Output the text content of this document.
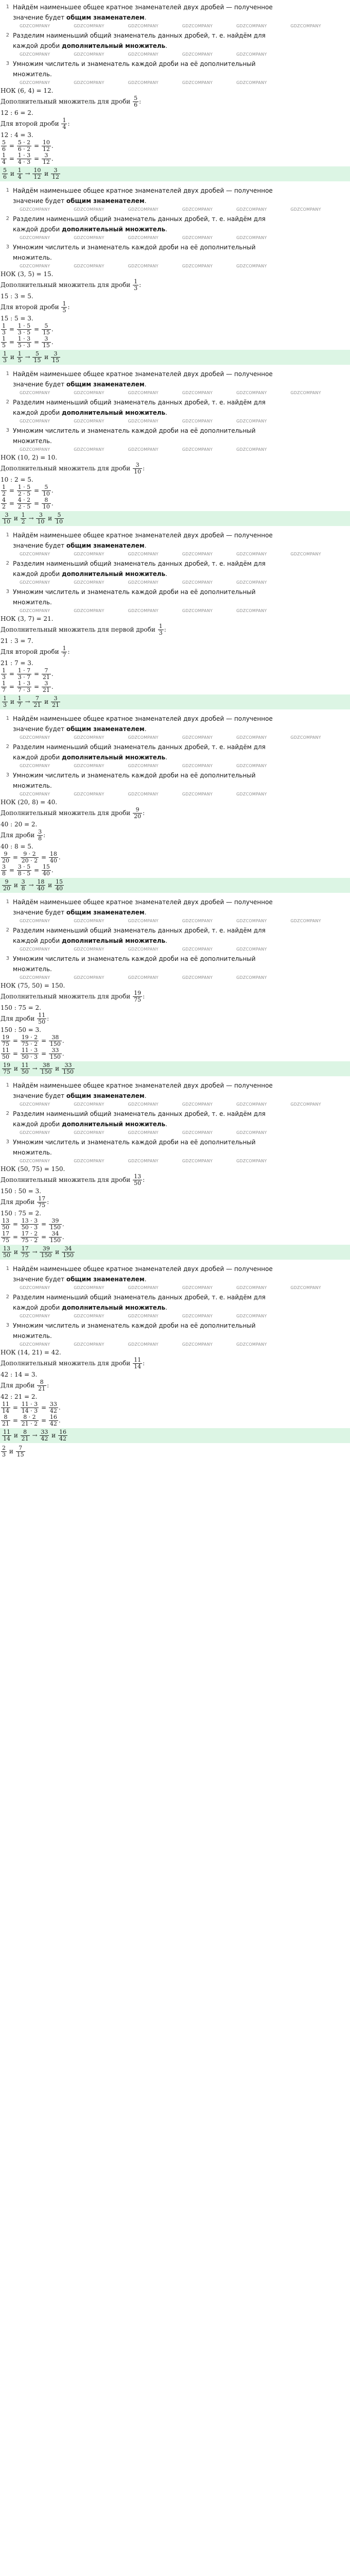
1 Найдём наименьшее общее кратное знаменателей двух дробей — полученное значение будет общим знаменателем.
GDZCOMPANY	GDZCOMPANY	GDZCOMPANY	GDZCOMPANY	GDZCOMPANY	GDZCOMPANY
2 Разделим наименьший общий знаменатель данных дробей, т. е. найдём для каждой дроби дополнительный множитель.
GDZCOMPANY	GDZCOMPANY	GDZCOMPANY	GDZCOMPANY	GDZCOMPANY
3 Умножим числитель и знаменатель каждой дроби на её дополнительный множитель.
GDZCOMPANY	GDZCOMPANY	GDZCOMPANY	GDZCOMPANY	GDZCOMPANY
НОК (6, 4) = 12.
Дополнительный множитель для дроби $\frac{5}{6}$ :
12 : 6 = 2.
Для второй дроби $\frac{1}{4}$ :
12 : 4 = 3.
$\frac{5}{6} = \frac{5 \cdot 2}{6 \cdot 2} = \frac{10}{12}$ .
$\frac{1}{4} = \frac{1 \cdot 3}{4 \cdot 3} = \frac{3}{12}$ .
$\frac{5}{6}$ и $\frac{1}{4} \to \frac{10}{12}$ и $\frac{3}{12}$
1 Найдём наименьшее общее кратное знаменателей двух дробей — полученное значение будет общим знаменателем.
GDZCOMPANY	GDZCOMPANY	GDZCOMPANY	GDZCOMPANY	GDZCOMPANY	GDZCOMPANY
2 Разделим наименьший общий знаменатель данных дробей, т. е. найдём для каждой дроби дополнительный множитель.
GDZCOMPANY	GDZCOMPANY	GDZCOMPANY	GDZCOMPANY	GDZCOMPANY
3 Умножим числитель и знаменатель каждой дроби на её дополнительный множитель.
GDZCOMPANY	GDZCOMPANY	GDZCOMPANY	GDZCOMPANY	GDZCOMPANY
НОК (3, 5) = 15.
Дополнительный множитель для дроби $\frac{1}{3}$ :
15 : 3 = 5.
Для второй дроби $\frac{1}{5}$ :
15 : 5 = 3.
$\frac{1}{3} = \frac{1 \cdot 5}{3 \cdot 5} = \frac{5}{15}$ .
$\frac{1}{5} = \frac{1 \cdot 3}{5 \cdot 3} = \frac{3}{15}$ .
$\frac{1}{3}$ и $\frac{1}{5} \to \frac{5}{15}$ и $\frac{3}{15}$
1 Найдём наименьшее общее кратное знаменателей двух дробей — полученное значение будет общим знаменателем.
GDZCOMPANY	GDZCOMPANY	GDZCOMPANY	GDZCOMPANY	GDZCOMPANY	GDZCOMPANY
2 Разделим наименьший общий знаменатель данных дробей, т. е. найдём для каждой дроби дополнительный множитель.
GDZCOMPANY	GDZCOMPANY	GDZCOMPANY	GDZCOMPANY	GDZCOMPANY
3 Умножим числитель и знаменатель каждой дроби на её дополнительный множитель.
GDZCOMPANY	GDZCOMPANY	GDZCOMPANY	GDZCOMPANY	GDZCOMPANY
НОК (10, 2) = 10.
Дополнительный множитель для дроби $\frac{3}{10}$ :
10 : 2 = 5.
$\frac{1}{2} = \frac{1 \cdot 5}{2 \cdot 5} = \frac{5}{10}$ .
$\frac{4}{2} = \frac{4 \cdot 2}{2 \cdot 5} = \frac{8}{10}$ .
$\frac{3}{10}$ и $\frac{1}{2} \to \frac{3}{10}$ и $\frac{5}{10}$
1 Найдём наименьшее общее кратное знаменателей двух дробей — полученное значение будет общим знаменателем.
GDZCOMPANY	GDZCOMPANY	GDZCOMPANY	GDZCOMPANY	GDZCOMPANY	GDZCOMPANY
2 Разделим наименьший общий знаменатель данных дробей, т. е. найдём для каждой дроби дополнительный множитель.
GDZCOMPANY	GDZCOMPANY	GDZCOMPANY	GDZCOMPANY	GDZCOMPANY
3 Умножим числитель и знаменатель каждой дроби на её дополнительный множитель.
GDZCOMPANY	GDZCOMPANY	GDZCOMPANY	GDZCOMPANY	GDZCOMPANY
НОК (3, 7) = 21.
Дополнительный множитель для первой дроби $\frac{1}{3}$ :
21 : 3 = 7.
Для второй дроби $\frac{1}{7}$ :
21 : 7 = 3.
$\frac{1}{3} = \frac{1 \cdot 7}{3 \cdot 7} = \frac{7}{21}$ .
$\frac{1}{7} = \frac{1 \cdot 3}{7 \cdot 3} = \frac{3}{21}$ .
$\frac{1}{3}$ и $\frac{1}{7} \to \frac{7}{21}$ и $\frac{3}{21}$
1 Найдём наименьшее общее кратное знаменателей двух дробей — полученное значение будет общим знаменателем.
GDZCOMPANY	GDZCOMPANY	GDZCOMPANY	GDZCOMPANY	GDZCOMPANY	GDZCOMPANY
2 Разделим наименьший общий знаменатель данных дробей, т. е. найдём для каждой дроби дополнительный множитель.
GDZCOMPANY	GDZCOMPANY	GDZCOMPANY	GDZCOMPANY	GDZCOMPANY
3 Умножим числитель и знаменатель каждой дроби на её дополнительный множитель.
GDZCOMPANY	GDZCOMPANY	GDZCOMPANY	GDZCOMPANY	GDZCOMPANY
НОК (20, 8) = 40.
Дополнительный множитель для дроби $\frac{9}{20}$ :
40 : 20 = 2.
Для дроби $\frac{3}{8}$ :
40 : 8 = 5.
$\frac{9}{20} = \frac{9 \cdot 2}{20 \cdot 2} = \frac{18}{40}$ .
$\frac{3}{8} = \frac{3 \cdot 5}{8 \cdot 5} = \frac{15}{40}$ .
$\frac{9}{20}$ и $\frac{3}{8} \to \frac{18}{40}$ и $\frac{15}{40}$
1 Найдём наименьшее общее кратное знаменателей двух дробей — полученное значение будет общим знаменателем.
GDZCOMPANY	GDZCOMPANY	GDZCOMPANY	GDZCOMPANY	GDZCOMPANY	GDZCOMPANY
2 Разделим наименьший общий знаменатель данных дробей, т. е. найдём для каждой дроби дополнительный множитель.
GDZCOMPANY	GDZCOMPANY	GDZCOMPANY	GDZCOMPANY	GDZCOMPANY
3 Умножим числитель и знаменатель каждой дроби на её дополнительный множитель.
GDZCOMPANY	GDZCOMPANY	GDZCOMPANY	GDZCOMPANY	GDZCOMPANY
НОК (75, 50) = 150.
Дополнительный множитель для дроби $\frac{19}{75}$ :
150 : 75 = 2.
Для дроби $\frac{11}{50}$ :
150 : 50 = 3.
$\frac{19}{75} = \frac{19 \cdot 2}{75 \cdot 2} = \frac{38}{150}$ .
$\frac{11}{50} = \frac{11 \cdot 3}{50 \cdot 3} = \frac{33}{150}$ .
$\frac{19}{75}$ и $\frac{11}{50} \to \frac{38}{150}$ и $\frac{33}{150}$
1 Найдём наименьшее общее кратное знаменателей двух дробей — полученное значение будет общим знаменателем.
GDZCOMPANY	GDZCOMPANY	GDZCOMPANY	GDZCOMPANY	GDZCOMPANY	GDZCOMPANY
2 Разделим наименьший общий знаменатель данных дробей, т. е. найдём для каждой дроби дополнительный множитель.
GDZCOMPANY	GDZCOMPANY	GDZCOMPANY	GDZCOMPANY	GDZCOMPANY
3 Умножим числитель и знаменатель каждой дроби на её дополнительный множитель.
GDZCOMPANY	GDZCOMPANY	GDZCOMPANY	GDZCOMPANY	GDZCOMPANY
НОК (50, 75) = 150.
Дополнительный множитель для дроби $\frac{13}{50}$ :
150 : 50 = 3.
Для дроби $\frac{17}{75}$ :
150 : 75 = 2.
$\frac{13}{50} = \frac{13 \cdot 3}{50 \cdot 3} = \frac{39}{150}$ .
$\frac{17}{75} = \frac{17 \cdot 2}{75 \cdot 2} = \frac{34}{150}$ .
$\frac{13}{50}$ и $\frac{17}{75} \to \frac{39}{150}$ и $\frac{34}{150}$
1 Найдём наименьшее общее кратное знаменателей двух дробей — полученное значение будет общим знаменателем.
GDZCOMPANY	GDZCOMPANY	GDZCOMPANY	GDZCOMPANY	GDZCOMPANY	GDZCOMPANY
2 Разделим наименьший общий знаменатель данных дробей, т. е. найдём для каждой дроби дополнительный множитель.
GDZCOMPANY	GDZCOMPANY	GDZCOMPANY	GDZCOMPANY	GDZCOMPANY
3 Умножим числитель и знаменатель каждой дроби на её дополнительный множитель.
GDZCOMPANY	GDZCOMPANY	GDZCOMPANY	GDZCOMPANY	GDZCOMPANY
НОК (14, 21) = 42.
Дополнительный множитель для дроби $\frac{11}{14}$ :
42 : 14 = 3.
Для дроби $\frac{8}{21}$ :
42 : 21 = 2.
$\frac{11}{14} = \frac{11 \cdot 3}{14 \cdot 3} = \frac{33}{42}$ .
$\frac{8}{21} = \frac{8 \cdot 2}{21 \cdot 2} = \frac{16}{42}$ .
$\frac{11}{14}$ и $\frac{8}{21} \to \frac{33}{42}$ и $\frac{16}{42}$
$\frac{2}{3}$ и $\frac{7}{15}$
